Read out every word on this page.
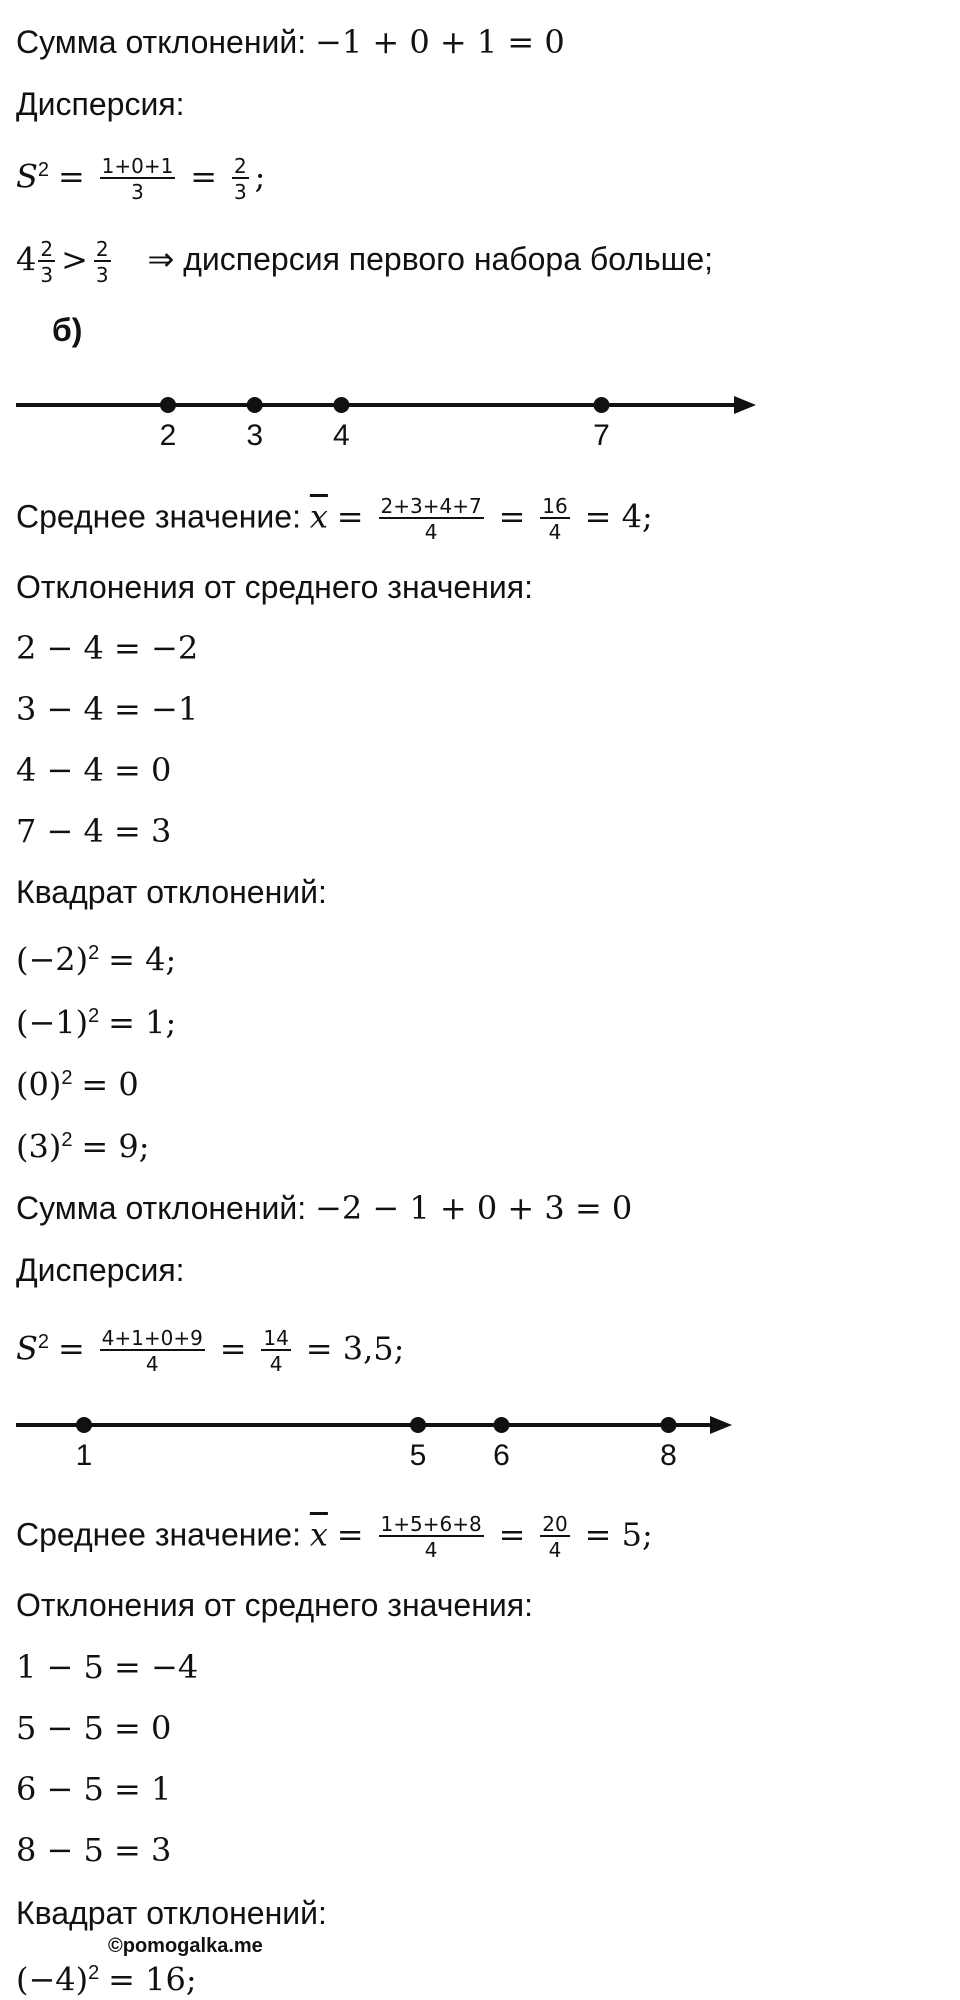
Сумма отклонений: −1 + 0 + 1 = 0
Дисперсия:
$S^2 = \frac{1+0+1}{3} = \frac{2}{3}$ ;
$4 \frac{2}{3} > \frac{2}{3}$ ⇒ дисперсия первого набора больше;
б)
2 3 4	7
Среднее значение: $\overline{x} = \frac{2+3+4+7}{4} = \frac{16}{4} = 4$;
Отклонения от среднего значения:
2 − 4 = −2
3 − 4 = −1
4 − 4 = 0
7 − 4 = 3
Квадрат отклонений:
$(-2)^2 = 4$;
$(-1)^2 = 1$;
$(0)^2 = 0$
$(3)^2 = 9$;
Сумма отклонений: −2 − 1 + 0 + 3 = 0
Дисперсия:
$S^2 = \frac{4+1+0+9}{4} = \frac{14}{4} = 3,5$;
1	5 6	8
Среднее значение: $\overline{x} = \frac{1+5+6+8}{4} = \frac{20}{4} = 5$;
Отклонения от среднего значения:
1 − 5 = −4
5 − 5 = 0
6 − 5 = 1
8 − 5 = 3
Квадрат отклонений:
$(-4)^2 = 16$;
©pomogalka.me
